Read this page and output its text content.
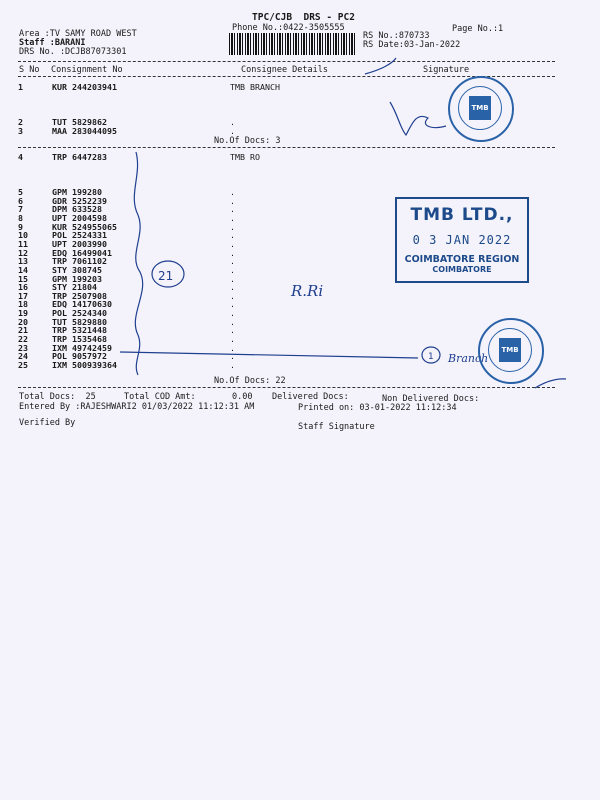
TPC/CJB  DRS - PC2
Phone No.:0422-3505555	Page No.:1
Area :TV SAMY ROAD WEST
Staff :BARANI
DRS No. :DCJB87073301
RS No.:870733
RS Date:03-Jan-2022
S No Consignment No	Consignee Details	Signature
1	KUR 244203941	TMB BRANCH
2	TUT 5829862	.
3	MAA 283044095	.
No.Of Docs: 3
4	TRP 6447283	TMB RO
5	GPM 199280	.
6	GDR 5252239	.
7	DPM 633528	.
8	UPT 2004598	.
9	KUR 524955065	.
10	POL 2524331	.
11	UPT 2003990	.
12	EDQ 16499041	.
13	TRP 7061102	.
14	STY 308745	.
15	GPM 199203	.
16	STY 21804	.
17	TRP 2507908	.
18	EDQ 14170630	.
19	POL 2524340	.
20	TUT 5829880	.
21	TRP 5321448	.
22	TRP 1535468	.
23	IXM 49742459	.
24	POL 9057972	.
25	IXM 500939364	.
No.Of Docs: 22
Total Docs:  25	Total COD Amt:	0.00 Delivered Docs:	Non Delivered Docs:
Entered By :RAJESHWARI2 01/03/2022 11:12:31 AM	Printed on: 03-01-2022 11:12:34
Verified By	Staff Signature
TMB LTD.,
0 3 JAN 2022
COIMBATORE REGION
COIMBATORE
TMB
TMB
21
R.Ri
Branch
1
